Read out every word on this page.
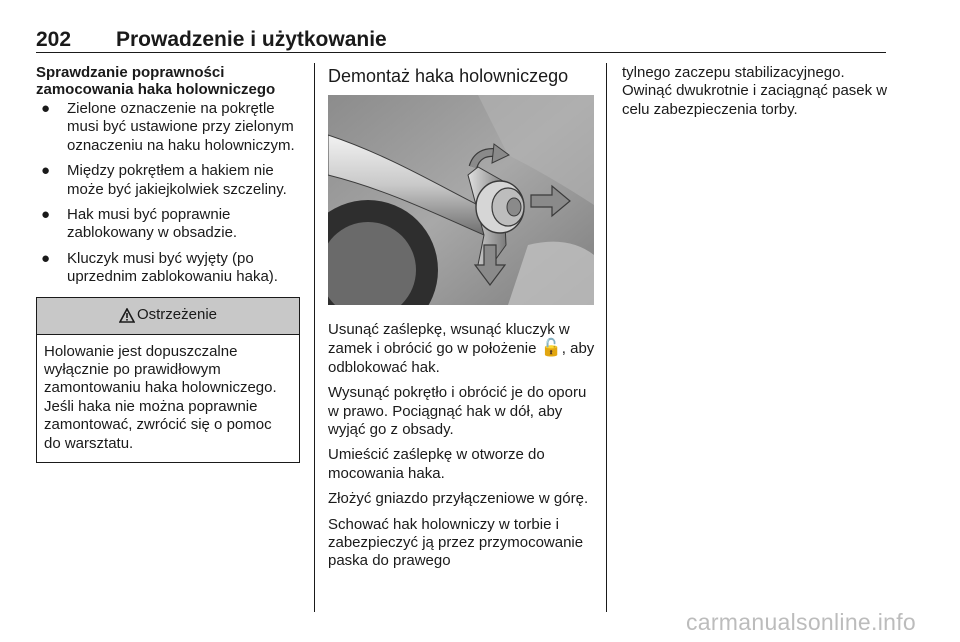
202 Prowadzenie i użytkowanie
Sprawdzanie poprawności zamocowania haka holowniczego
● Zielone oznaczenie na pokrętle musi być ustawione przy zielonym oznaczeniu na haku holowniczym.
● Między pokrętłem a hakiem nie może być jakiejkolwiek szczeliny.
● Hak musi być poprawnie zablokowany w obsadzie.
● Kluczyk musi być wyjęty (po uprzednim zablokowaniu haka).
Ostrzeżenie
Holowanie jest dopuszczalne wyłącznie po prawidłowym zamontowaniu haka holowniczego. Jeśli haka nie można poprawnie zamontować, zwrócić się o pomoc do warsztatu.
Demontaż haka holowniczego

Usunąć zaślepkę, wsunąć kluczyk w zamek i obrócić go w położenie 🔓, aby odblokować hak.

Wysunąć pokrętło i obrócić je do oporu w prawo. Pociągnąć hak w dół, aby wyjąć go z obsady.

Umieścić zaślepkę w otworze do mocowania haka.

Złożyć gniazdo przyłączeniowe w górę.

Schować hak holowniczy w torbie i zabezpieczyć ją przez przymocowanie paska do prawego

tylnego zaczepu stabilizacyjnego. Owinąć dwukrotnie i zaciągnąć pasek w celu zabezpieczenia torby.

carmanualsonline.info
